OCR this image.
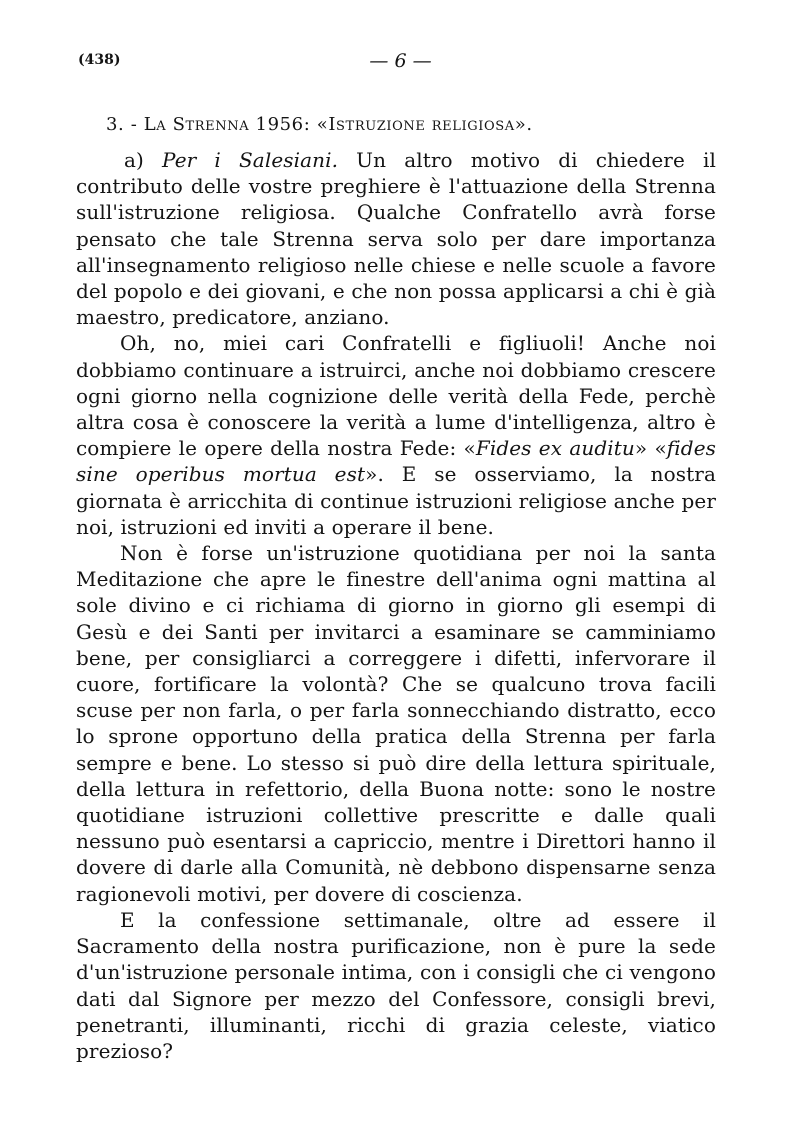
(438)	— 6 —
3. - La Strenna 1956: «Istruzione religiosa».

a) Per i Salesiani. Un altro motivo di chiedere il contributo delle vostre preghiere è l'attuazione della Strenna sull'istruzione religiosa. Qualche Confratello avrà forse pensato che tale Strenna serva solo per dare importanza all'insegnamento religioso nelle chiese e nelle scuole a favore del popolo e dei giovani, e che non possa applicarsi a chi è già maestro, predicatore, anziano.

Oh, no, miei cari Confratelli e figliuoli! Anche noi dobbiamo continuare a istruirci, anche noi dobbiamo crescere ogni giorno nella cognizione delle verità della Fede, perchè altra cosa è conoscere la verità a lume d'intelligenza, altro è compiere le opere della nostra Fede: «Fides ex auditu» «fides sine operibus mortua est». E se osserviamo, la nostra giornata è arricchita di continue istruzioni religiose anche per noi, istruzioni ed inviti a operare il bene.

Non è forse un'istruzione quotidiana per noi la santa Meditazione che apre le finestre dell'anima ogni mattina al sole divino e ci richiama di giorno in giorno gli esempi di Gesù e dei Santi per invitarci a esaminare se camminiamo bene, per consigliarci a correggere i difetti, infervorare il cuore, fortificare la volontà? Che se qualcuno trova facili scuse per non farla, o per farla sonnecchiando distratto, ecco lo sprone opportuno della pratica della Strenna per farla sempre e bene. Lo stesso si può dire della lettura spirituale, della lettura in refettorio, della Buona notte: sono le nostre quotidiane istruzioni collettive prescritte e dalle quali nessuno può esentarsi a capriccio, mentre i Direttori hanno il dovere di darle alla Comunità, nè debbono dispensarne senza ragionevoli motivi, per dovere di coscienza.

E la confessione settimanale, oltre ad essere il Sacramento della nostra purificazione, non è pure la sede d'un'istruzione personale intima, con i consigli che ci vengono dati dal Signore per mezzo del Confessore, consigli brevi, penetranti, illuminanti, ricchi di grazia celeste, viatico prezioso?
